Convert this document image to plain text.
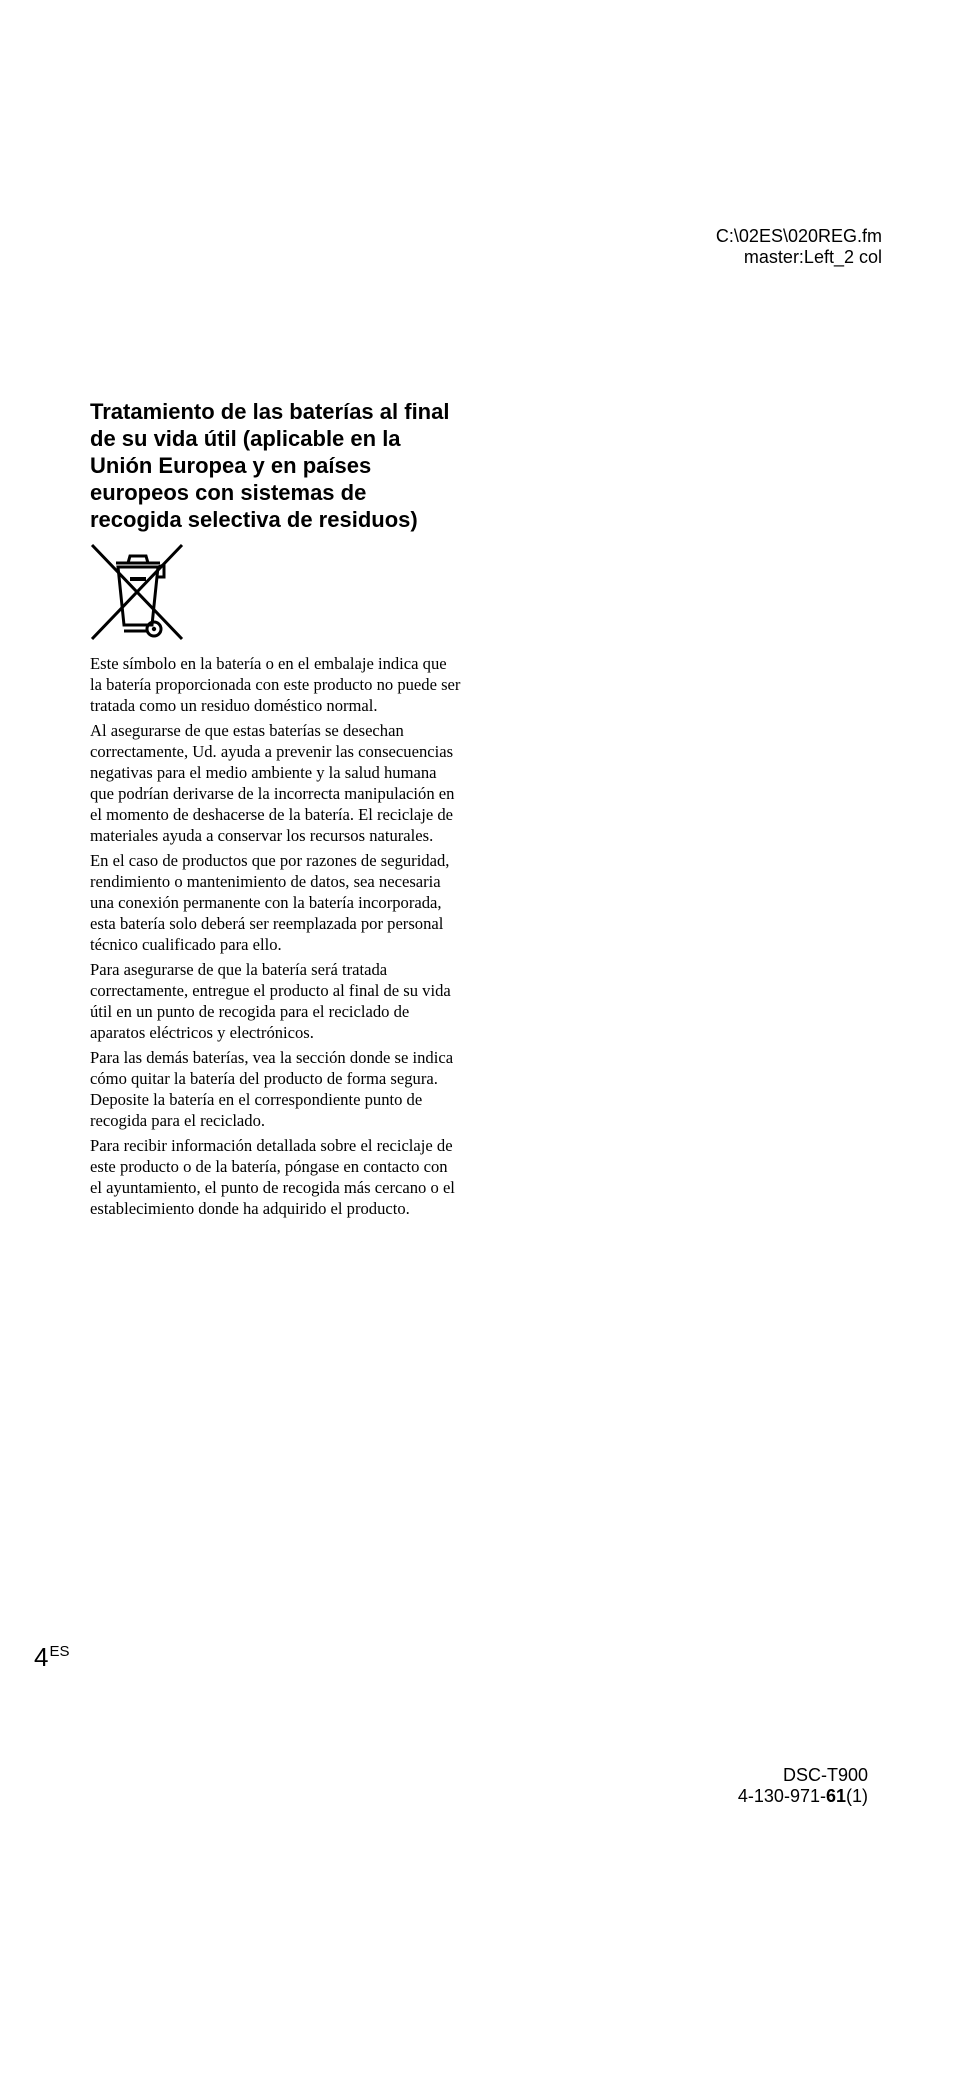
C:\02ES\020REG.fm
master:Left_2 col
Tratamiento de las baterías al final de su vida útil (aplicable en la Unión Europea y en países europeos con sistemas de recogida selectiva de residuos)

Este símbolo en la batería o en el embalaje indica que la batería proporcionada con este producto no puede ser tratada como un residuo doméstico normal.

Al asegurarse de que estas baterías se desechan correctamente, Ud. ayuda a prevenir las consecuencias negativas para el medio ambiente y la salud humana que podrían derivarse de la incorrecta manipulación en el momento de deshacerse de la batería. El reciclaje de materiales ayuda a conservar los recursos naturales.

En el caso de productos que por razones de seguridad, rendimiento o mantenimiento de datos, sea necesaria una conexión permanente con la batería incorporada, esta batería solo deberá ser reemplazada por personal técnico cualificado para ello.

Para asegurarse de que la batería será tratada correctamente, entregue el producto al final de su vida útil en un punto de recogida para el reciclado de aparatos eléctricos y electrónicos.

Para las demás baterías, vea la sección donde se indica cómo quitar la batería del producto de forma segura. Deposite la batería en el correspondiente punto de recogida para el reciclado.

Para recibir información detallada sobre el reciclaje de este producto o de la batería, póngase en contacto con el ayuntamiento, el punto de recogida más cercano o el establecimiento donde ha adquirido el producto.

$4^{ES}$
DSC-T900
4-130-971-61(1)
